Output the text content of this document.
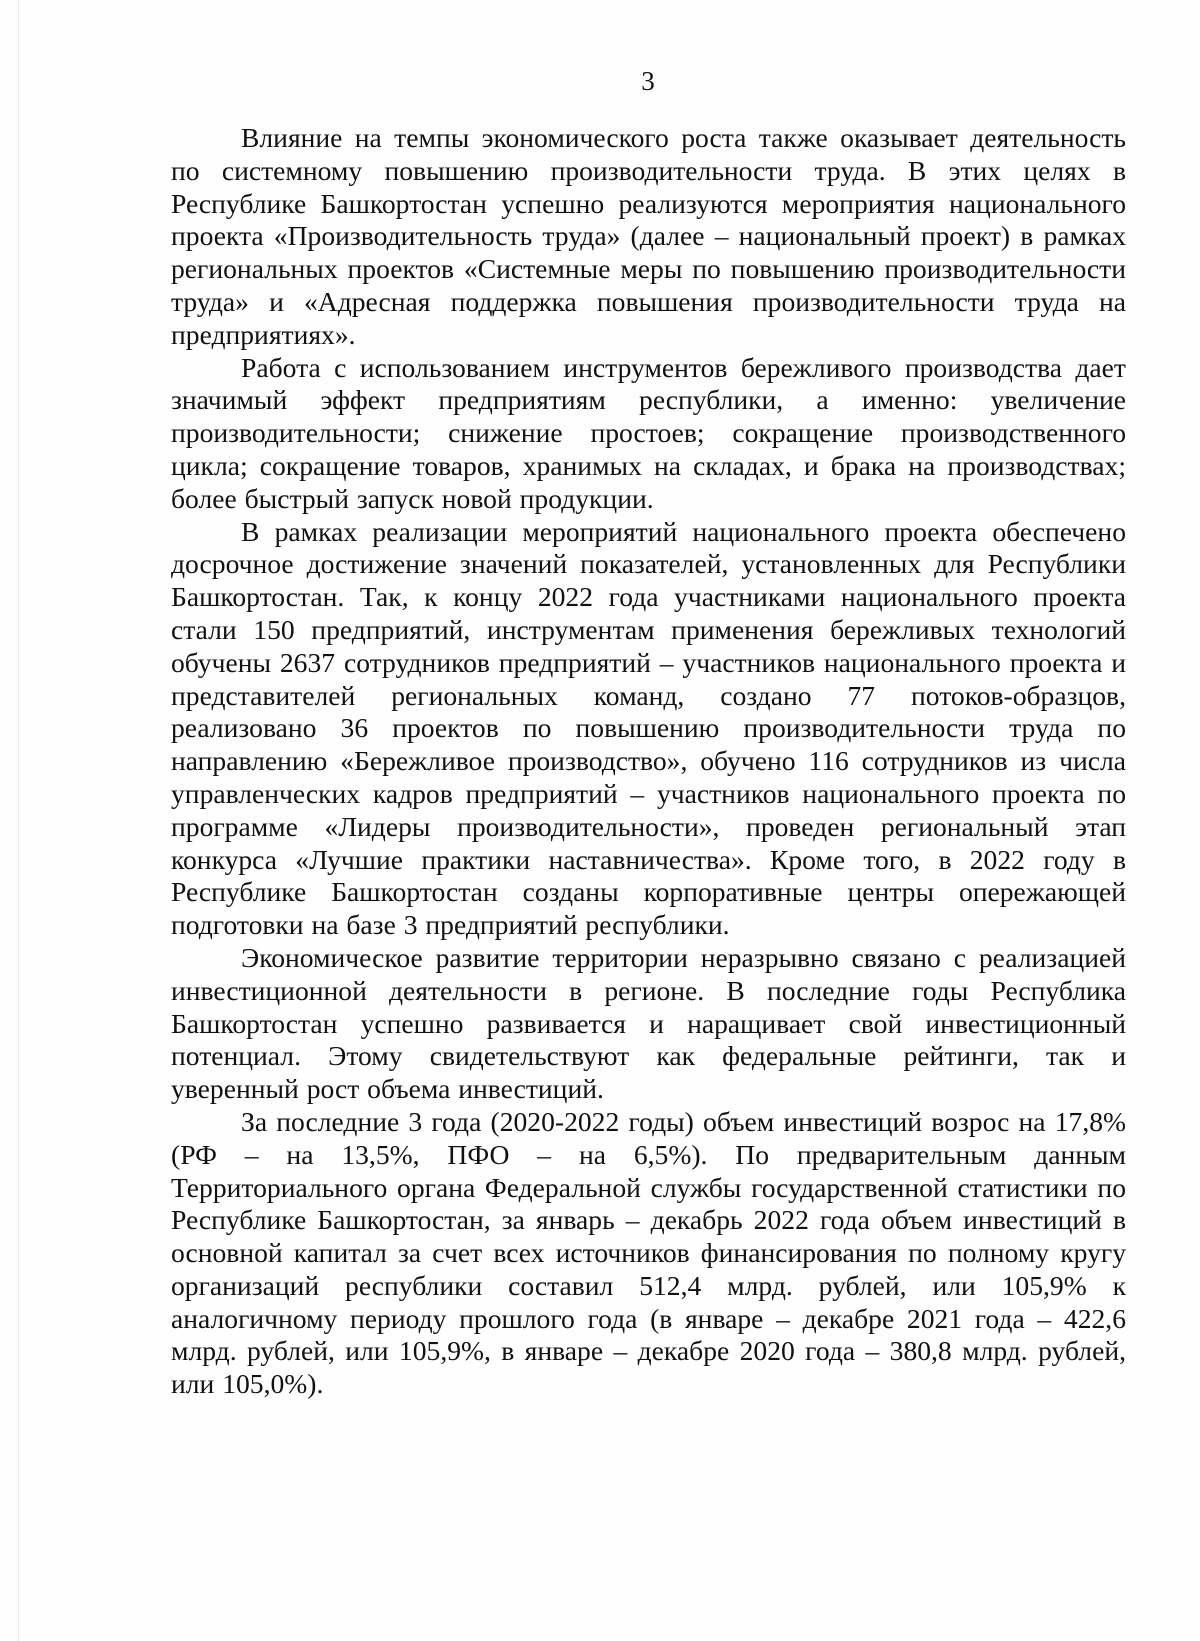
3

Влияние на темпы экономического роста также оказывает деятельность по системному повышению производительности труда. В этих целях в Республике Башкортостан успешно реализуются мероприятия национального проекта «Производительность труда» (далее – национальный проект) в рамках региональных проектов «Системные меры по повышению производительности труда» и «Адресная поддержка повышения производительности труда на предприятиях».

Работа с использованием инструментов бережливого производства дает значимый эффект предприятиям республики, а именно: увеличение производительности; снижение простоев; сокращение производственного цикла; сокращение товаров, хранимых на складах, и брака на производствах; более быстрый запуск новой продукции.

В рамках реализации мероприятий национального проекта обеспечено досрочное достижение значений показателей, установленных для Республики Башкортостан. Так, к концу 2022 года участниками национального проекта стали 150 предприятий, инструментам применения бережливых технологий обучены 2637 сотрудников предприятий – участников национального проекта и представителей региональных команд, создано 77 потоков-образцов, реализовано 36 проектов по повышению производительности труда по направлению «Бережливое производство», обучено 116 сотрудников из числа управленческих кадров предприятий – участников национального проекта по программе «Лидеры производительности», проведен региональный этап конкурса «Лучшие практики наставничества». Кроме того, в 2022 году в Республике Башкортостан созданы корпоративные центры опережающей подготовки на базе 3 предприятий республики.

Экономическое развитие территории неразрывно связано с реализацией инвестиционной деятельности в регионе. В последние годы Республика Башкортостан успешно развивается и наращивает свой инвестиционный потенциал. Этому свидетельствуют как федеральные рейтинги, так и уверенный рост объема инвестиций.

За последние 3 года (2020-2022 годы) объем инвестиций возрос на 17,8% (РФ – на 13,5%, ПФО – на 6,5%). По предварительным данным Территориального органа Федеральной службы государственной статистики по Республике Башкортостан, за январь – декабрь 2022 года объем инвестиций в основной капитал за счет всех источников финансирования по полному кругу организаций республики составил 512,4 млрд. рублей, или 105,9% к аналогичному периоду прошлого года (в январе – декабре 2021 года – 422,6 млрд. рублей, или 105,9%, в январе – декабре 2020 года – 380,8 млрд. рублей, или 105,0%).
